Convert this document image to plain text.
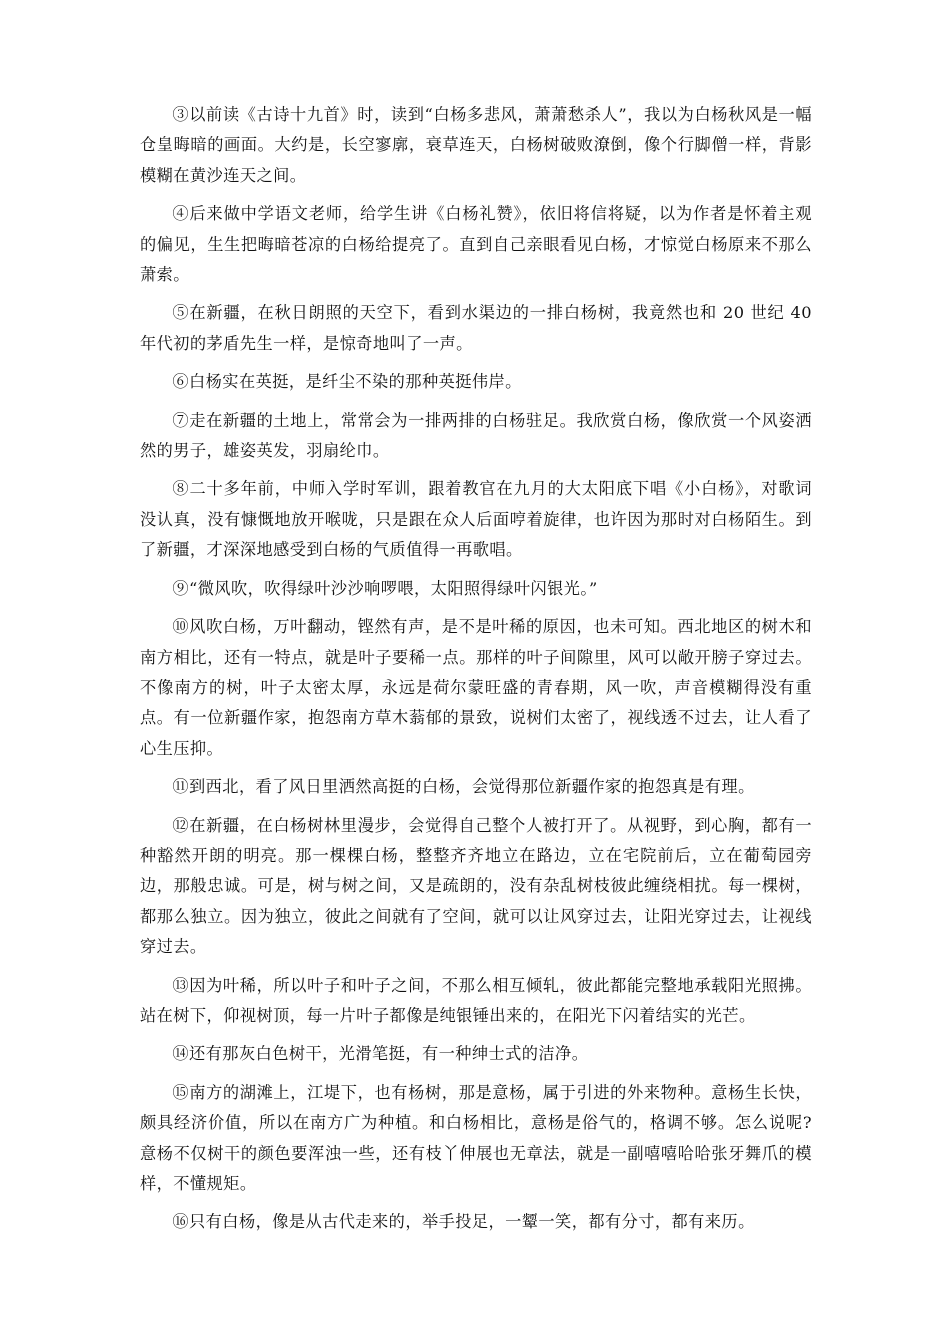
③以前读《古诗十九首》时，读到“白杨多悲风，萧萧愁杀人”，我以为白杨秋风是一幅仓皇晦暗的画面。大约是，长空寥廓，衰草连天，白杨树破败潦倒，像个行脚僧一样，背影模糊在黄沙连天之间。

④后来做中学语文老师，给学生讲《白杨礼赞》，依旧将信将疑，以为作者是怀着主观的偏见，生生把晦暗苍凉的白杨给提亮了。直到自己亲眼看见白杨，才惊觉白杨原来不那么萧索。

⑤在新疆，在秋日朗照的天空下，看到水渠边的一排白杨树，我竟然也和 20 世纪 40 年代初的茅盾先生一样，是惊奇地叫了一声。

⑥白杨实在英挺，是纤尘不染的那种英挺伟岸。

⑦走在新疆的土地上，常常会为一排两排的白杨驻足。我欣赏白杨，像欣赏一个风姿洒然的男子，雄姿英发，羽扇纶巾。

⑧二十多年前，中师入学时军训，跟着教官在九月的大太阳底下唱《小白杨》，对歌词没认真，没有慷慨地放开喉咙，只是跟在众人后面哼着旋律，也许因为那时对白杨陌生。到了新疆，才深深地感受到白杨的气质值得一再歌唱。

⑨“微风吹，吹得绿叶沙沙响啰喂，太阳照得绿叶闪银光。”

⑩风吹白杨，万叶翻动，铿然有声，是不是叶稀的原因，也未可知。西北地区的树木和南方相比，还有一特点，就是叶子要稀一点。那样的叶子间隙里，风可以敞开膀子穿过去。不像南方的树，叶子太密太厚，永远是荷尔蒙旺盛的青春期，风一吹，声音模糊得没有重点。有一位新疆作家，抱怨南方草木蓊郁的景致，说树们太密了，视线透不过去，让人看了心生压抑。

⑪到西北，看了风日里洒然高挺的白杨，会觉得那位新疆作家的抱怨真是有理。

⑫在新疆，在白杨树林里漫步，会觉得自己整个人被打开了。从视野，到心胸，都有一种豁然开朗的明亮。那一棵棵白杨，整整齐齐地立在路边，立在宅院前后，立在葡萄园旁边，那般忠诚。可是，树与树之间，又是疏朗的，没有杂乱树枝彼此缠绕相扰。每一棵树，都那么独立。因为独立，彼此之间就有了空间，就可以让风穿过去，让阳光穿过去，让视线穿过去。

⑬因为叶稀，所以叶子和叶子之间，不那么相互倾轧，彼此都能完整地承载阳光照拂。站在树下，仰视树顶，每一片叶子都像是纯银锤出来的，在阳光下闪着结实的光芒。

⑭还有那灰白色树干，光滑笔挺，有一种绅士式的洁净。

⑮南方的湖滩上，江堤下，也有杨树，那是意杨，属于引进的外来物种。意杨生长快，颇具经济价值，所以在南方广为种植。和白杨相比，意杨是俗气的，格调不够。怎么说呢?意杨不仅树干的颜色要浑浊一些，还有枝丫伸展也无章法，就是一副嘻嘻哈哈张牙舞爪的模样，不懂规矩。

⑯只有白杨，像是从古代走来的，举手投足，一颦一笑，都有分寸，都有来历。
